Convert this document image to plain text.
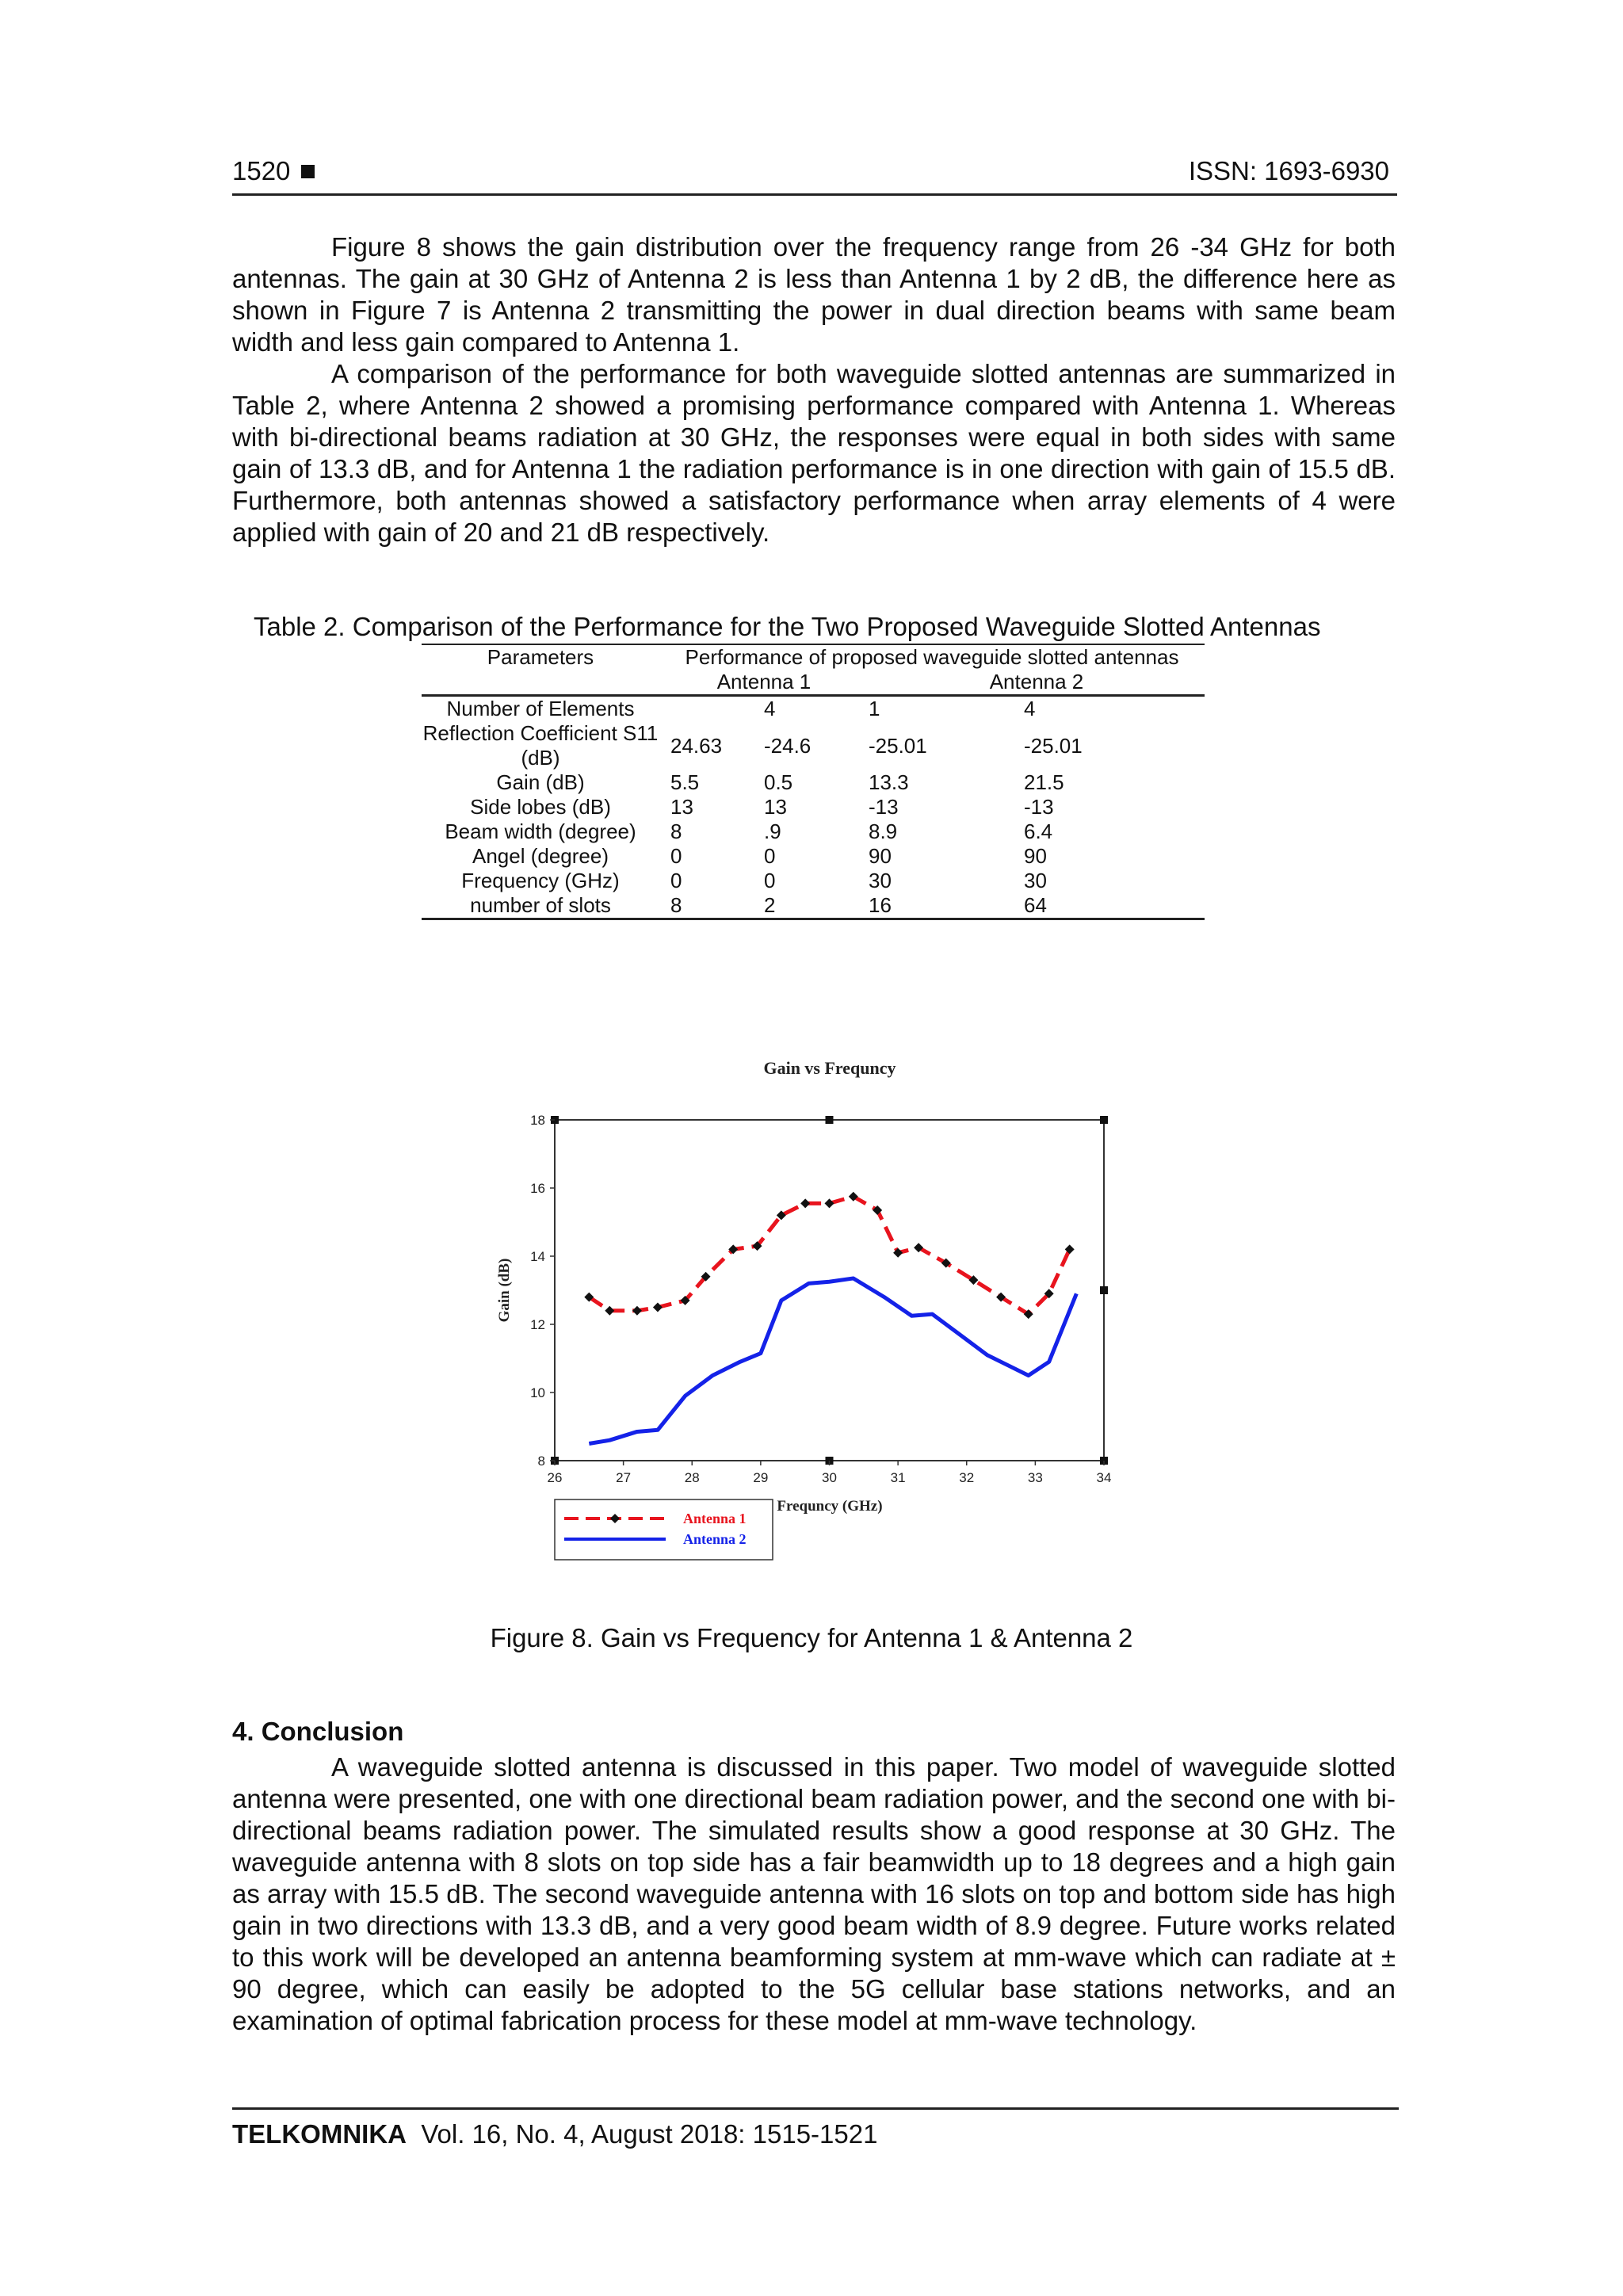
1520	ISSN: 1693-6930

Figure 8 shows the gain distribution over the frequency range from 26 -34 GHz for both antennas. The gain at 30 GHz of Antenna 2 is less than Antenna 1 by 2 dB, the difference here as shown in Figure 7 is Antenna 2 transmitting the power in dual direction beams with same beam width and less gain compared to Antenna 1.

A comparison of the performance for both waveguide slotted antennas are summarized in Table 2, where Antenna 2 showed a promising performance compared with Antenna 1. Whereas with bi-directional beams radiation at 30 GHz, the responses were equal in both sides with same gain of 13.3 dB, and for Antenna 1 the radiation performance is in one direction with gain of 15.5 dB. Furthermore, both antennas showed a satisfactory performance when array elements of 4 were applied with gain of 20 and 21 dB respectively.

Table 2. Comparison of the Performance for the Two Proposed Waveguide Slotted Antennas
Parameters	Performance of proposed waveguide slotted antennas			

	Antenna 1		Antenna 2	
Number of Elements		4	1	4
Reflection Coefficient S11 (dB)	24.63	-24.6	-25.01	-25.01
Gain (dB)	5.5	0.5	13.3	21.5
Side lobes (dB)	13	13	-13	-13
Beam width (degree)	8	.9	8.9	6.4
Angel (degree)	0	0	90	90
Frequency (GHz)	0	0	30	30
number of slots	8	2	16	64
Gain vs Frequncy
26	27	28	29	30	31	32	33	34
8
10
12
14
16
18
Frequncy (GHz)
Gain (dB)
Antenna 1
Antenna 2
Figure 8. Gain vs Frequency for Antenna 1 & Antenna 2
4. Conclusion

A waveguide slotted antenna is discussed in this paper. Two model of waveguide slotted antenna were presented, one with one directional beam radiation power, and the second one with bi-directional beams radiation power. The simulated results show a good response at 30 GHz. The waveguide antenna with 8 slots on top side has a fair beamwidth up to 18 degrees and a high gain as array with 15.5 dB. The second waveguide antenna with 16 slots on top and bottom side has high gain in two directions with 13.3 dB, and a very good beam width of 8.9 degree. Future works related to this work will be developed an antenna beamforming system at mm-wave which can radiate at ± 90 degree, which can easily be adopted to the 5G cellular base stations networks, and an examination of optimal fabrication process for these model at mm-wave technology.

TELKOMNIKA Vol. 16, No. 4, August 2018: 1515-1521
